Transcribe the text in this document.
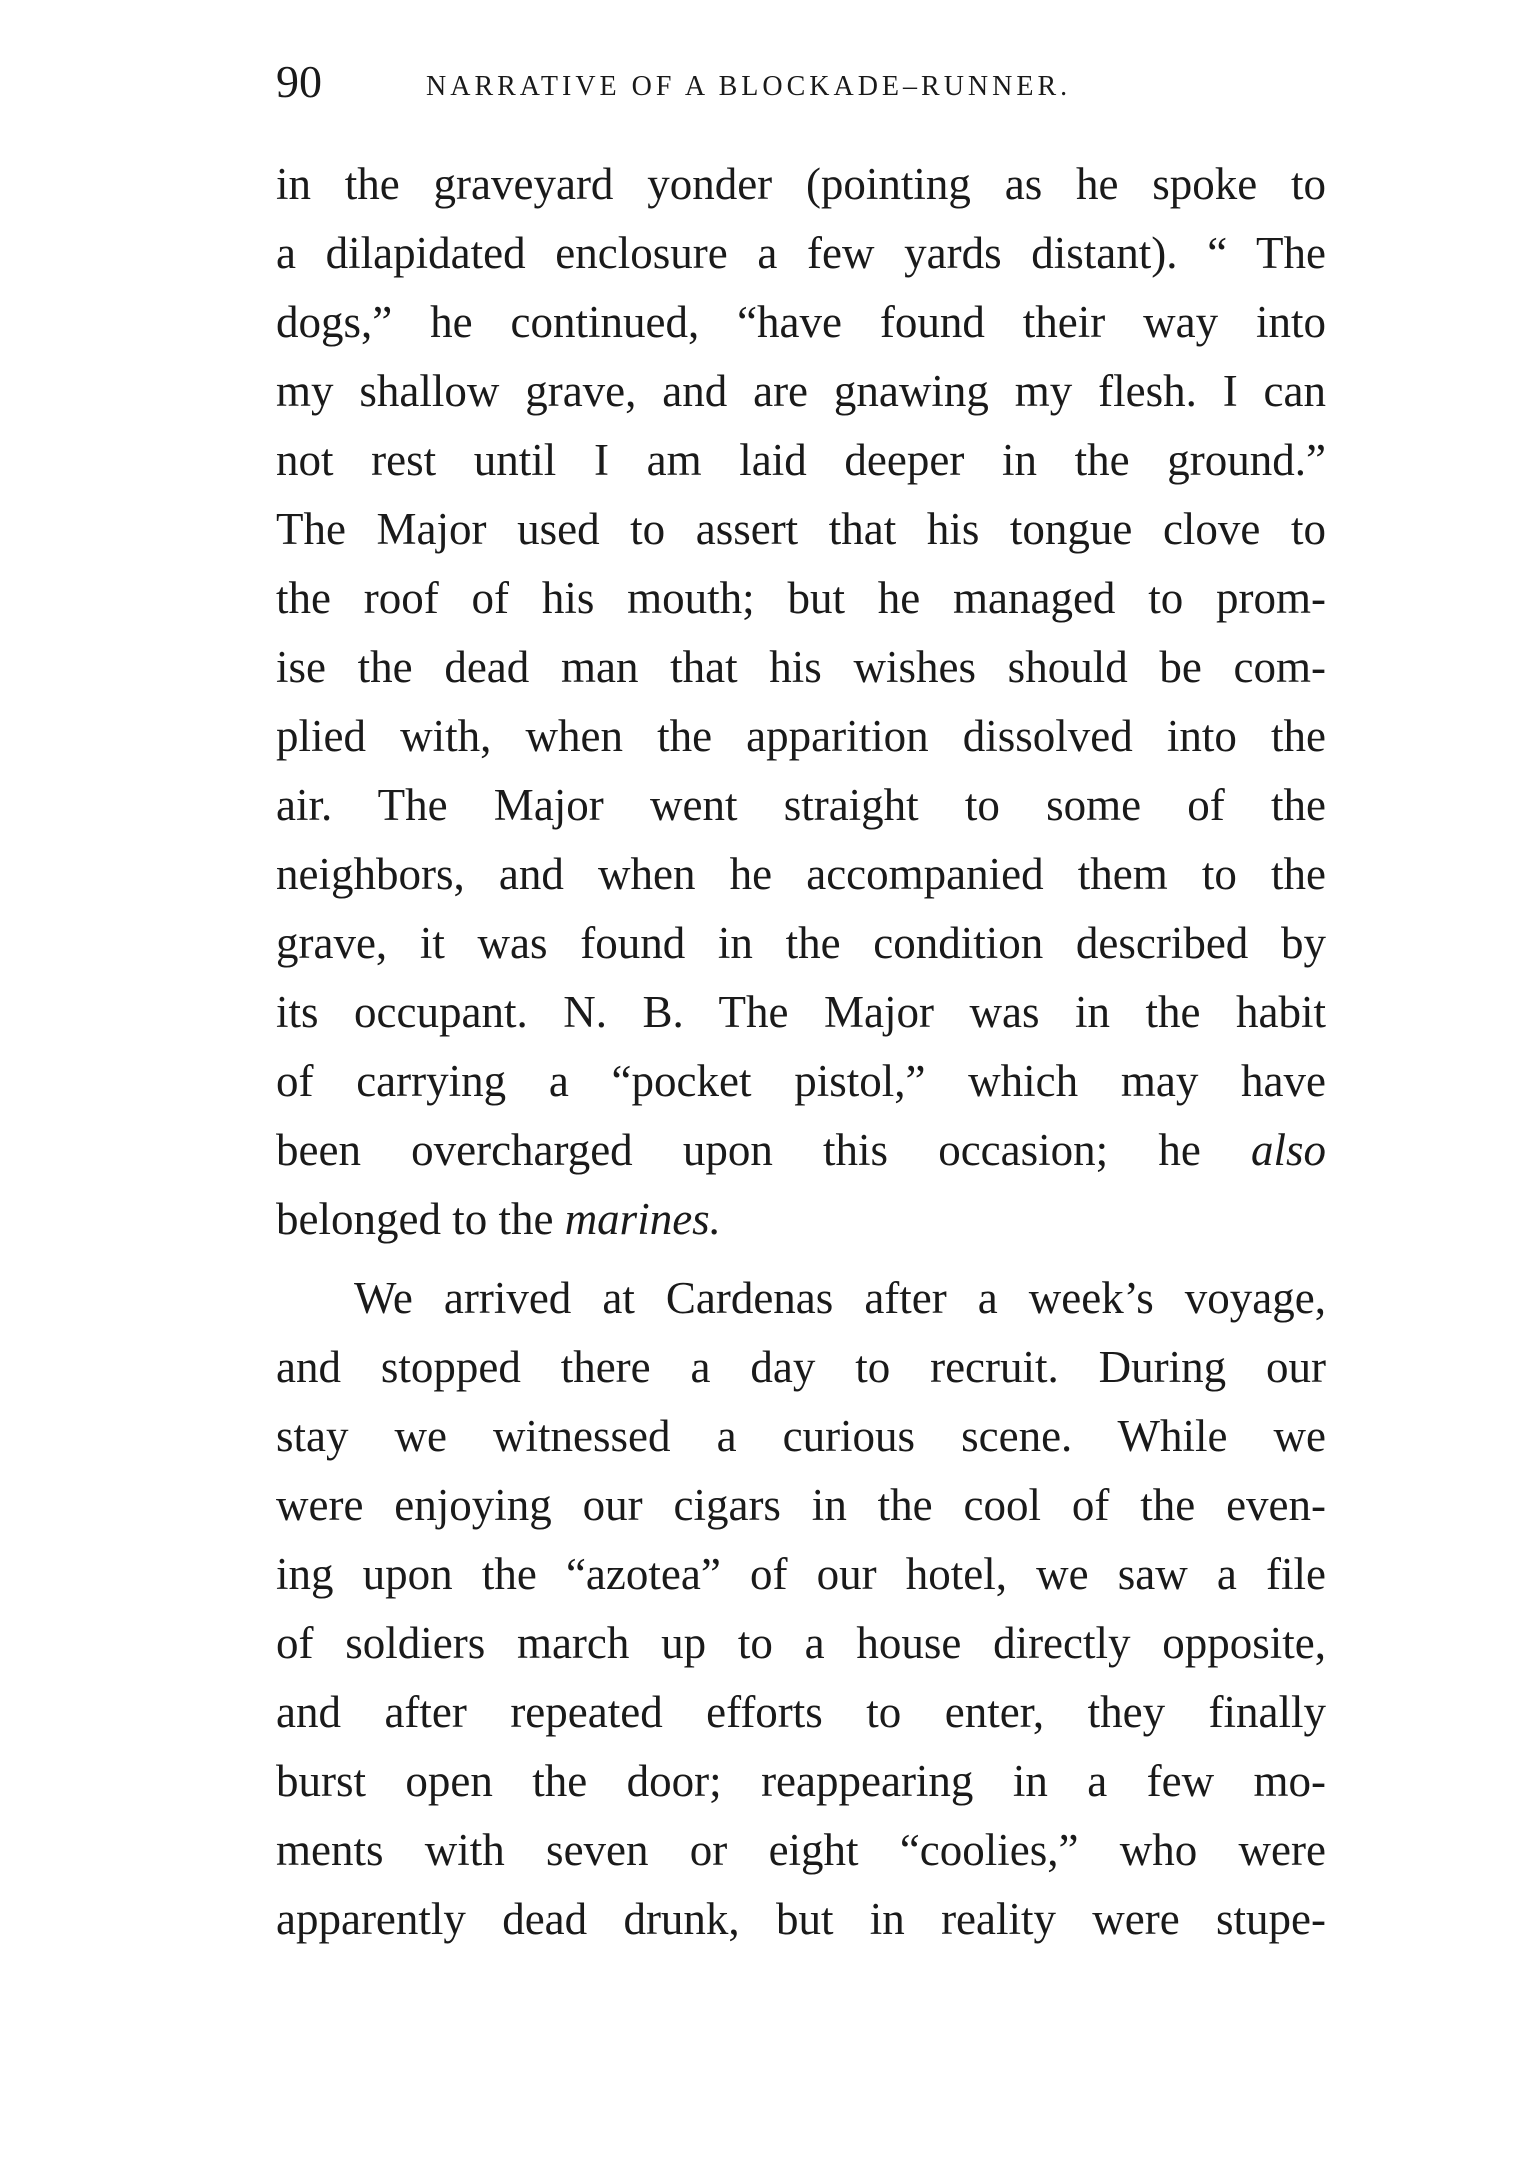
90	NARRATIVE OF A BLOCKADE–RUNNER.
in the graveyard yonder (pointing as he spoke to
a dilapidated enclosure a few yards distant). “ The
dogs,” he continued, “have found their way into
my shallow grave, and are gnawing my flesh. I can
not rest until I am laid deeper in the ground.”
The Major used to assert that his tongue clove to
the roof of his mouth; but he managed to prom-
ise the dead man that his wishes should be com-
plied with, when the apparition dissolved into the
air. The Major went straight to some of the
neighbors, and when he accompanied them to the
grave, it was found in the condition described by
its occupant. N. B. The Major was in the habit
of carrying a “pocket pistol,” which may have
been overcharged upon this occasion; he also
belonged to the marines.
We arrived at Cardenas after a week’s voyage,
and stopped there a day to recruit. During our
stay we witnessed a curious scene. While we
were enjoying our cigars in the cool of the even-
ing upon the “azotea” of our hotel, we saw a file
of soldiers march up to a house directly opposite,
and after repeated efforts to enter, they finally
burst open the door; reappearing in a few mo-
ments with seven or eight “coolies,” who were
apparently dead drunk, but in reality were stupe-
